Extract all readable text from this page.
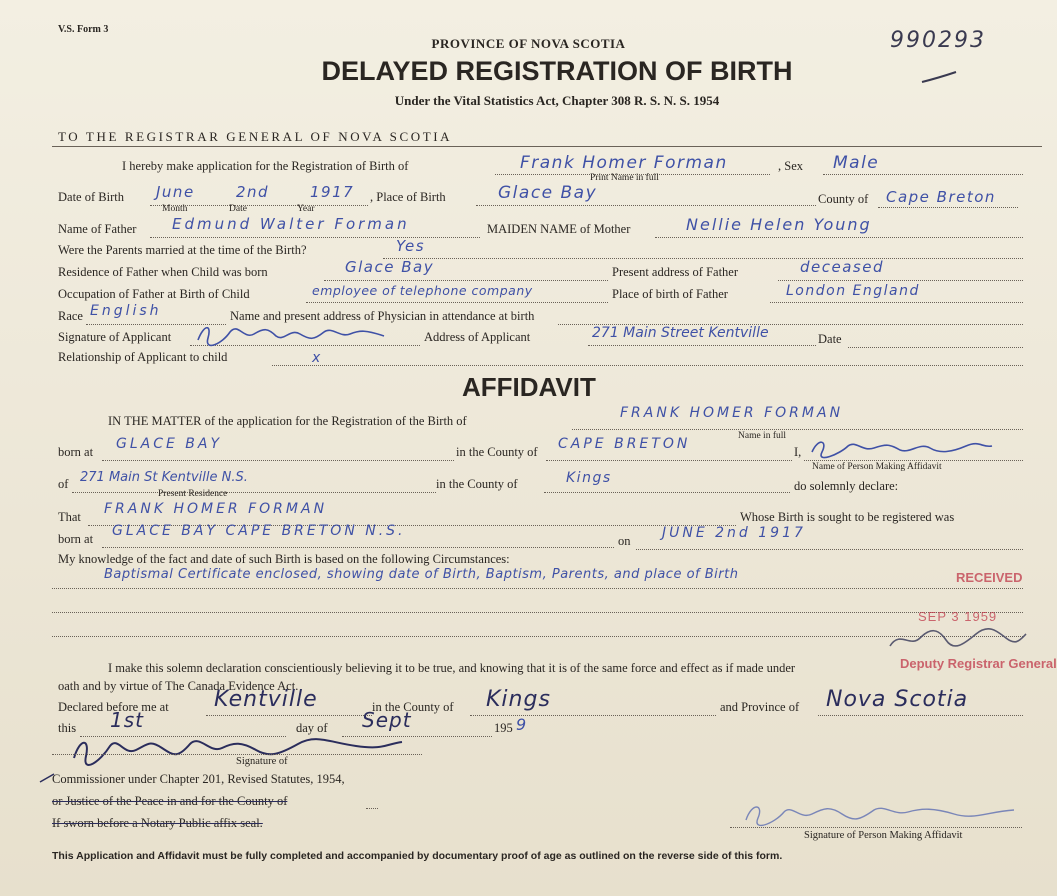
V.S. Form 3	990293
PROVINCE OF NOVA SCOTIA
DELAYED REGISTRATION OF BIRTH
Under the Vital Statistics Act, Chapter 308 R. S. N. S. 1954
TO THE REGISTRAR GENERAL OF NOVA SCOTIA
I hereby make application for the Registration of Birth of	Frank Homer Forman
Print Name in full
, Sex Male
Date of Birth June	2nd	1917
Month	Date	Year
, Place of Birth	Glace Bay	County of Cape Breton
Name of Father Edmund Walter Forman	MAIDEN NAME of Mother	Nellie Helen Young
Were the Parents married at the time of the Birth?	Yes
Residence of Father when Child was born	Glace Bay	Present address of Father	deceased
Occupation of Father at Birth of Child	employee of telephone company	Place of birth of Father	London England
Race English	Name and present address of Physician in attendance at birth
Signature of Applicant	Address of Applicant	271 Main Street Kentville	Date
Relationship of Applicant to child	x
AFFIDAVIT
IN THE MATTER of the application for the Registration of the Birth of	FRANK HOMER FORMAN
Name in full
born at GLACE BAY	in the County of CAPE BRETON	I,
Name of Person Making Affidavit
of 271 Main St Kentville N.S.
Present Residence
in the County of	Kings	do solemnly declare:
That FRANK HOMER FORMAN	Whose Birth is sought to be registered was
born at GLACE BAY CAPE BRETON N.S.
on JUNE 2nd 1917
My knowledge of the fact and date of such Birth is based on the following Circumstances:
Baptismal Certificate enclosed, showing date of Birth, Baptism, Parents, and place of Birth	RECEIVED
SEP 3 1959
Deputy Registrar General
I make this solemn declaration conscientiously believing it to be true, and knowing that it is of the same force and effect as if made under
oath and by virtue of The Canada Evidence Act.
Declared before me at Kentville	in the County of Kings	and Province of Nova Scotia
this 1st	day of Sept	195 9
Signature of
Commissioner under Chapter 201, Revised Statutes, 1954,
or Justice of the Peace in and for the County of
If sworn before a Notary Public affix seal.
Signature of Person Making Affidavit
This Application and Affidavit must be fully completed and accompanied by documentary proof of age as outlined on the reverse side of this form.
